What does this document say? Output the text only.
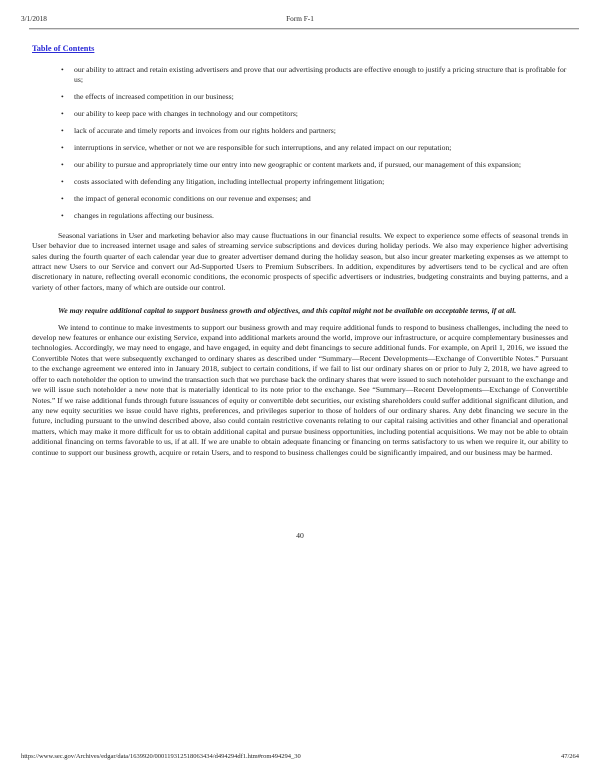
3/1/2018	Form F-1
Table of Contents
• our ability to attract and retain existing advertisers and prove that our advertising products are effective enough to justify a pricing structure that is profitable for us;
• the effects of increased competition in our business;
• our ability to keep pace with changes in technology and our competitors;
• lack of accurate and timely reports and invoices from our rights holders and partners;
• interruptions in service, whether or not we are responsible for such interruptions, and any related impact on our reputation;
• our ability to pursue and appropriately time our entry into new geographic or content markets and, if pursued, our management of this expansion;
• costs associated with defending any litigation, including intellectual property infringement litigation;
• the impact of general economic conditions on our revenue and expenses; and
• changes in regulations affecting our business.

Seasonal variations in User and marketing behavior also may cause fluctuations in our financial results. We expect to experience some effects of seasonal trends in User behavior due to increased internet usage and sales of streaming service subscriptions and devices during holiday periods. We also may experience higher advertising sales during the fourth quarter of each calendar year due to greater advertiser demand during the holiday season, but also incur greater marketing expenses as we attempt to attract new Users to our Service and convert our Ad-Supported Users to Premium Subscribers. In addition, expenditures by advertisers tend to be cyclical and are often discretionary in nature, reflecting overall economic conditions, the economic prospects of specific advertisers or industries, budgeting constraints and buying patterns, and a variety of other factors, many of which are outside our control.

We may require additional capital to support business growth and objectives, and this capital might not be available on acceptable terms, if at all.

We intend to continue to make investments to support our business growth and may require additional funds to respond to business challenges, including the need to develop new features or enhance our existing Service, expand into additional markets around the world, improve our infrastructure, or acquire complementary businesses and technologies. Accordingly, we may need to engage, and have engaged, in equity and debt financings to secure additional funds. For example, on April 1, 2016, we issued the Convertible Notes that were subsequently exchanged to ordinary shares as described under “Summary—Recent Developments—Exchange of Convertible Notes.” Pursuant to the exchange agreement we entered into in January 2018, subject to certain conditions, if we fail to list our ordinary shares on or prior to July 2, 2018, we have agreed to offer to each noteholder the option to unwind the transaction such that we purchase back the ordinary shares that were issued to such noteholder pursuant to the exchange and we will issue such noteholder a new note that is materially identical to its note prior to the exchange. See “Summary—Recent Developments—Exchange of Convertible Notes.” If we raise additional funds through future issuances of equity or convertible debt securities, our existing shareholders could suffer additional significant dilution, and any new equity securities we issue could have rights, preferences, and privileges superior to those of holders of our ordinary shares. Any debt financing we secure in the future, including pursuant to the unwind described above, also could contain restrictive covenants relating to our capital raising activities and other financial and operational matters, which may make it more difficult for us to obtain additional capital and pursue business opportunities, including potential acquisitions. We may not be able to obtain additional financing on terms favorable to us, if at all. If we are unable to obtain adequate financing or financing on terms satisfactory to us when we require it, our ability to continue to support our business growth, acquire or retain Users, and to respond to business challenges could be significantly impaired, and our business may be harmed.

40
https://www.sec.gov/Archives/edgar/data/1639920/000119312518063434/d494294df1.htm#rom494294_30	47/264
